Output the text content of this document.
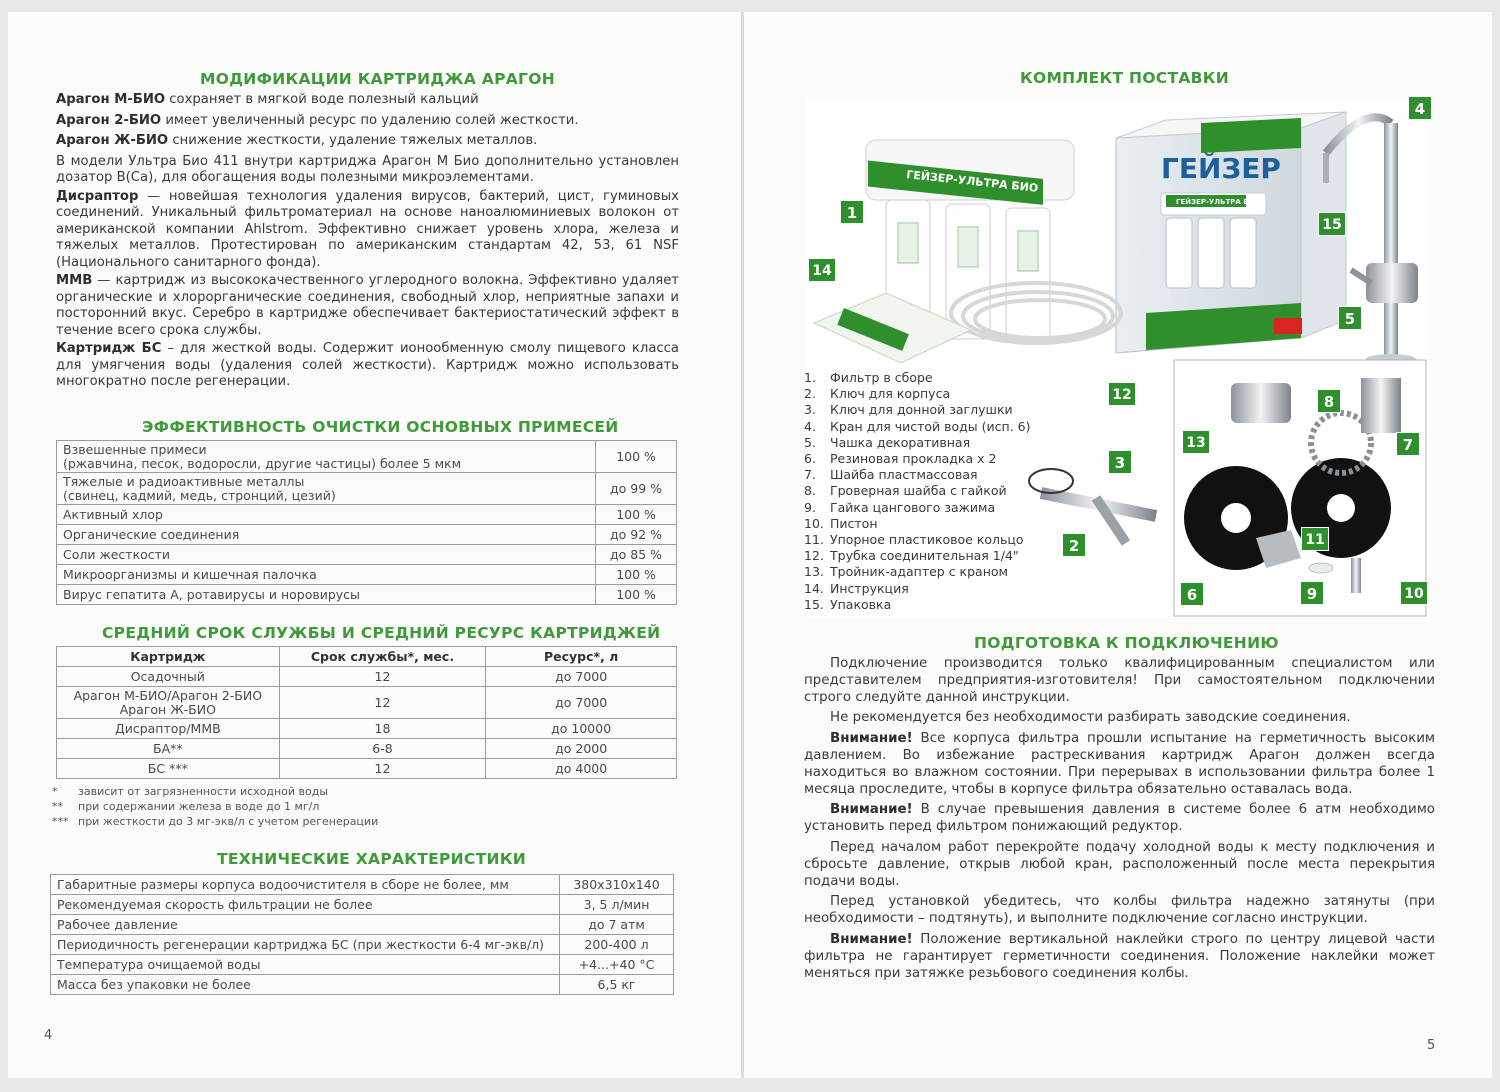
МОДИФИКАЦИИ КАРТРИДЖА АРАГОН
Арагон М-БИО сохраняет в мягкой воде полезный кальций
Арагон 2-БИО имеет увеличенный ресурс по удалению солей жесткости.
Арагон Ж-БИО снижение жесткости, удаление тяжелых металлов.
В модели Ультра Био 411 внутри картриджа Арагон М Био дополнительно установлен дозатор B(Ca), для обогащения воды полезными микроэлементами.
Дисраптор — новейшая технология удаления вирусов, бактерий, цист, гуминовых соединений. Уникальный фильтроматериал на основе наноалюминиевых волокон от американской компании Ahlstrom. Эффективно снижает уровень хлора, железа и тяжелых металлов. Протестирован по американским стандартам 42, 53, 61 NSF (Национального санитарного фонда).
ММВ — картридж из высококачественного углеродного волокна. Эффективно удаляет органические и хлорорганические соединения, свободный хлор, неприятные запахи и посторонний вкус. Серебро в картридже обеспечивает бактериостатический эффект в течение всего срока службы.
Картридж БС – для жесткой воды. Содержит ионообменную смолу пищевого класса для умягчения воды (удаления солей жесткости). Картридж можно использовать многократно после регенерации.
ЭФФЕКТИВНОСТЬ ОЧИСТКИ ОСНОВНЫХ ПРИМЕСЕЙ
Взвешенные примеси
(ржавчина, песок, водоросли, другие частицы) более 5 мкм	100 %

Тяжелые и радиоактивные металлы
(свинец, кадмий, медь, стронций, цезий)	до 99 %

Активный хлор	100 %

Органические соединения	до 92 %

Соли жесткости	до 85 %

Микроорганизмы и кишечная палочка	100 %

Вирус гепатита А, ротавирусы и норовирусы	100 %
СРЕДНИЙ СРОК СЛУЖБЫ И СРЕДНИЙ РЕСУРС КАРТРИДЖЕЙ
Картридж	Срок службы*, мес.	Ресурс*, л

Осадочный	12	до 7000

Арагон М-БИО/Арагон 2-БИО
Арагон Ж-БИО	12	до 7000

Дисраптор/ММВ	18	до 10000

БА**	6-8	до 2000

БС ***	12	до 4000
*	зависит от загрязненности исходной воды
**	при содержании железа в воде до 1 мг/л
*** при жесткости до 3 мг-экв/л с учетом регенерации
ТЕХНИЧЕСКИЕ ХАРАКТЕРИСТИКИ
Габаритные размеры корпуса водоочистителя в сборе не более, мм	380x310x140
Рекомендуемая скорость фильтрации не более	3, 5 л/мин
Рабочее давление	до 7 атм
Периодичность регенерации картриджа БС (при жесткости 6-4 мг-экв/л)	200-400 л
Температура очищаемой воды	+4...+40 °С
Масса без упаковки не более	6,5 кг
4
КОМПЛЕКТ ПОСТАВКИ
ГЕЙЗЕР
ГЕЙЗЕР-УЛЬТРА БИО
ГЕЙЗЕР-УЛЬТРА БИО
1
2
3
4
5
6
7
8
9	10
11
12
13
14
15
1.	Фильтр в сборе
2.	Ключ для корпуса
3.	Ключ для донной заглушки
4.	Кран для чистой воды (исп. 6)
5.	Чашка декоративная
6.	Резиновая прокладка х 2
7.	Шайба пластмассовая
8.	Гроверная шайба с гайкой
9.	Гайка цангового зажима
10. Пистон
11. Упорное пластиковое кольцо
12. Трубка соединительная 1/4"
13. Тройник-адаптер с краном
14. Инструкция
15. Упаковка
ПОДГОТОВКА К ПОДКЛЮЧЕНИЮ
Подключение производится только квалифицированным специалистом или представителем предприятия-изготовителя! При самостоятельном подключении строго следуйте данной инструкции.
Не рекомендуется без необходимости разбирать заводские соединения.
Внимание! Все корпуса фильтра прошли испытание на герметичность высоким давлением. Во избежание растрескивания картридж Арагон должен всегда находиться во влажном состоянии. При перерывах в использовании фильтра более 1 месяца проследите, чтобы в корпусе фильтра обязательно оставалась вода.
Внимание! В случае превышения давления в системе более 6 атм необходимо установить перед фильтром понижающий редуктор.
Перед началом работ перекройте подачу холодной воды к месту подключения и сбросьте давление, открыв любой кран, расположенный после места перекрытия подачи воды.
Перед установкой убедитесь, что колбы фильтра надежно затянуты (при необходимости – подтянуть), и выполните подключение согласно инструкции.
Внимание! Положение вертикальной наклейки строго по центру лицевой части фильтра не гарантирует герметичности соединения. Положение наклейки может меняться при затяжке резьбового соединения колбы.
5
